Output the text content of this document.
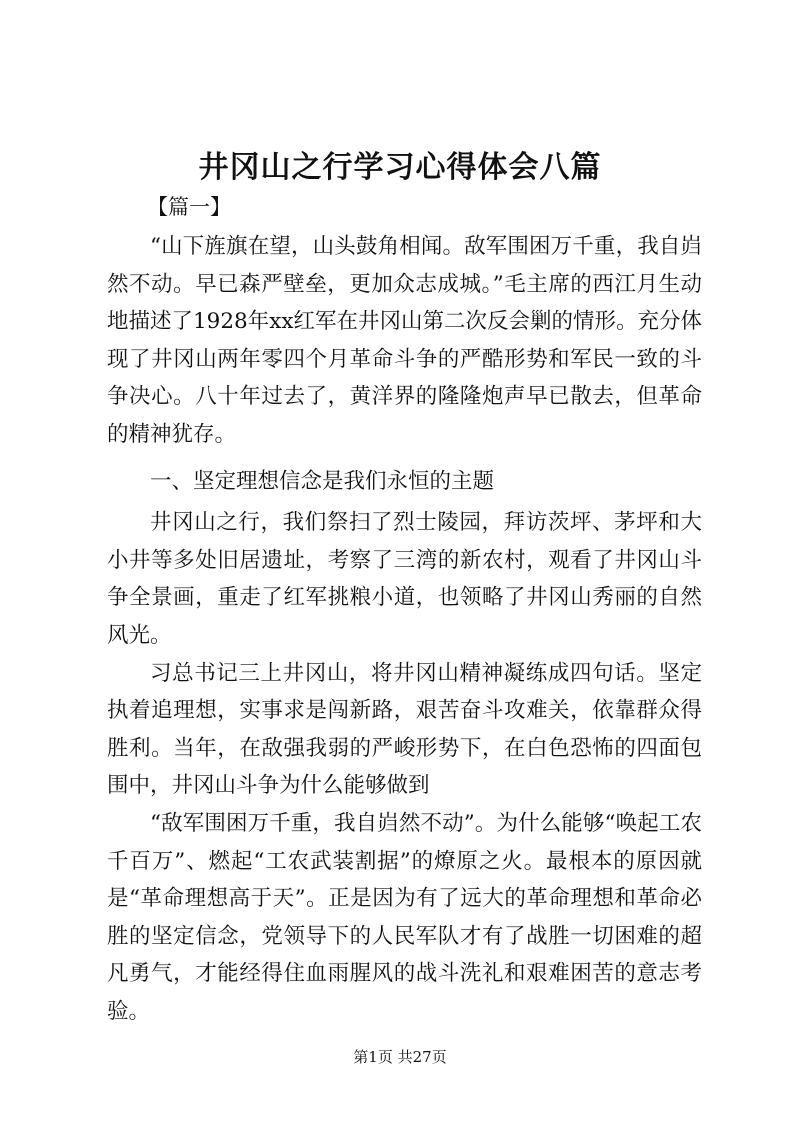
井冈山之行学习心得体会八篇
【篇一】

“山下旌旗在望，山头鼓角相闻。敌军围困万千重，我自岿然不动。早已森严壁垒，更加众志成城。”毛主席的西江月生动地描述了1928年xx红军在井冈山第二次反会剿的情形。充分体现了井冈山两年零四个月革命斗争的严酷形势和军民一致的斗争决心。八十年过去了，黄洋界的隆隆炮声早已散去，但革命的精神犹存。

一、坚定理想信念是我们永恒的主题

井冈山之行，我们祭扫了烈士陵园，拜访茨坪、茅坪和大小井等多处旧居遗址，考察了三湾的新农村，观看了井冈山斗争全景画，重走了红军挑粮小道，也领略了井冈山秀丽的自然风光。

习总书记三上井冈山，将井冈山精神凝练成四句话。坚定执着追理想，实事求是闯新路，艰苦奋斗攻难关，依靠群众得胜利。当年，在敌强我弱的严峻形势下，在白色恐怖的四面包围中，井冈山斗争为什么能够做到

“敌军围困万千重，我自岿然不动”。为什么能够“唤起工农千百万”、燃起“工农武装割据”的燎原之火。最根本的原因就是“革命理想高于天”。正是因为有了远大的革命理想和革命必胜的坚定信念，党领导下的人民军队才有了战胜一切困难的超凡勇气，才能经得住血雨腥风的战斗洗礼和艰难困苦的意志考验。

第1页 共27页
